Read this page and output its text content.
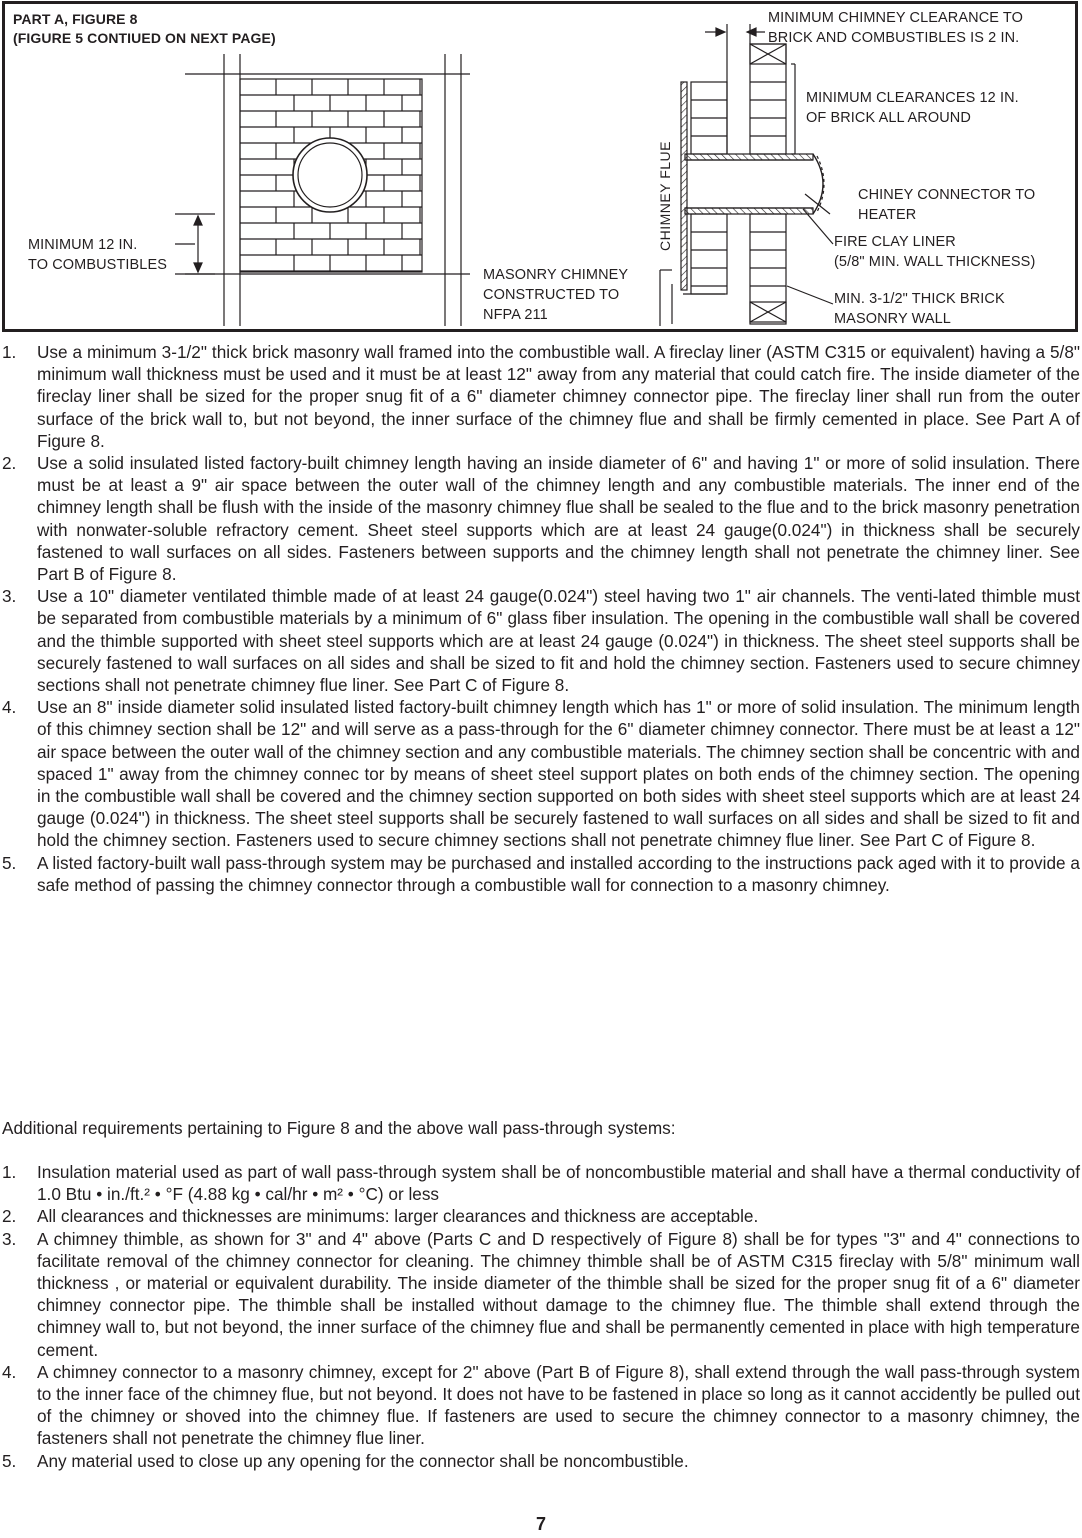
PART A, FIGURE 8
(FIGURE 5 CONTIUED ON NEXT PAGE)
MINIMUM 12 IN.
TO COMBUSTIBLES
MASONRY CHIMNEY
CONSTRUCTED TO
NFPA 211
CHIMNEY FLUE
MINIMUM CHIMNEY CLEARANCE TO
BRICK AND COMBUSTIBLES IS 2 IN.
MINIMUM CLEARANCES 12 IN.
OF BRICK ALL AROUND
CHINEY CONNECTOR TO
HEATER
FIRE CLAY LINER
(5/8" MIN. WALL THICKNESS)
MIN. 3-1/2" THICK BRICK
MASONRY WALL
1. Use a minimum 3-1/2" thick brick masonry wall framed into the combustible wall. A fireclay liner (ASTM C315 or equivalent) having a 5/8" minimum wall thickness must be used and it must be at least 12" away from any material that could catch fire. The inside diameter of the fireclay liner shall be sized for the proper snug fit of a 6" diameter chimney connector pipe. The fireclay liner shall run from the outer surface of the brick wall to, but not beyond, the inner surface of the chimney flue and shall be firmly cemented in place. See Part A of Figure 8.
2. Use a solid insulated listed factory-built chimney length having an inside diameter of 6" and having 1" or more of solid insulation. There must be at least a 9" air space between the outer wall of the chimney length and any combustible materials. The inner end of the chimney length shall be flush with the inside of the masonry chimney flue shall be sealed to the flue and to the brick masonry penetration with nonwater-soluble refractory cement. Sheet steel supports which are at least 24 gauge(0.024") in thickness shall be securely fastened to wall surfaces on all sides. Fasteners between supports and the chimney length shall not penetrate the chimney liner. See Part B of Figure 8.
3. Use a 10" diameter ventilated thimble made of at least 24 gauge(0.024") steel having two 1" air channels. The venti-lated thimble must be separated from combustible materials by a minimum of 6" glass fiber insulation. The opening in the combustible wall shall be covered and the thimble supported with sheet steel supports which are at least 24 gauge (0.024") in thickness. The sheet steel supports shall be securely fastened to wall surfaces on all sides and shall be sized to fit and hold the chimney section. Fasteners used to secure chimney sections shall not penetrate chimney flue liner. See Part C of Figure 8.
4. Use an 8" inside diameter solid insulated listed factory-built chimney length which has 1" or more of solid insulation. The minimum length of this chimney section shall be 12" and will serve as a pass-through for the 6" diameter chimney connector. There must be at least a 12" air space between the outer wall of the chimney section and any combustible materials. The chimney section shall be concentric with and spaced 1" away from the chimney connec tor by means of sheet steel support plates on both ends of the chimney section. The opening in the combustible wall shall be covered and the chimney section supported on both sides with sheet steel supports which are at least 24 gauge (0.024") in thickness. The sheet steel supports shall be securely fastened to wall surfaces on all sides and shall be sized to fit and hold the chimney section. Fasteners used to secure chimney sections shall not penetrate chimney flue liner. See Part C of Figure 8.
5. A listed factory-built wall pass-through system may be purchased and installed according to the instructions pack aged with it to provide a safe method of passing the chimney connector through a combustible wall for connection to a masonry chimney.
Additional requirements pertaining to Figure 8 and the above wall pass-through systems:
1. Insulation material used as part of wall pass-through system shall be of noncombustible material and shall have a thermal conductivity of 1.0 Btu • in./ft.² • °F (4.88 kg • cal/hr • m² • °C) or less
2. All clearances and thicknesses are minimums: larger clearances and thickness are acceptable.
3. A chimney thimble, as shown for 3" and 4" above (Parts C and D respectively of Figure 8) shall be for types "3" and 4" connections to facilitate removal of the chimney connector for cleaning. The chimney thimble shall be of ASTM C315 fireclay with 5/8" minimum wall thickness , or material or equivalent durability. The inside diameter of the thimble shall be sized for the proper snug fit of a 6" diameter chimney connector pipe. The thimble shall be installed without damage to the chimney flue. The thimble shall extend through the chimney wall to, but not beyond, the inner surface of the chimney flue and shall be permanently cemented in place with high temperature cement.
4. A chimney connector to a masonry chimney, except for 2" above (Part B of Figure 8), shall extend through the wall pass-through system to the inner face of the chimney flue, but not beyond. It does not have to be fastened in place so long as it cannot accidently be pulled out of the chimney or shoved into the chimney flue. If fasteners are used to secure the chimney connector to a masonry chimney, the fasteners shall not penetrate the chimney flue liner.
5. Any material used to close up any opening for the connector shall be noncombustible.
7
